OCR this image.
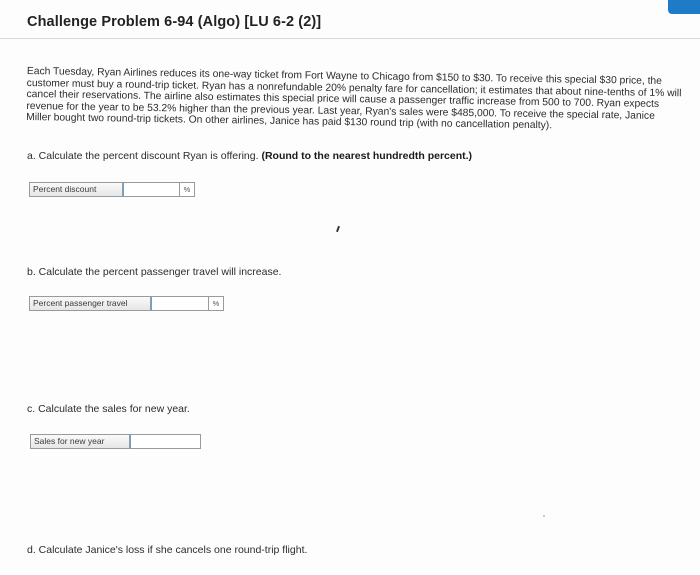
Challenge Problem 6-94 (Algo) [LU 6-2 (2)]
Each Tuesday, Ryan Airlines reduces its one-way ticket from Fort Wayne to Chicago from $150 to $30. To receive this special $30 price, the customer must buy a round-trip ticket. Ryan has a nonrefundable 20% penalty fare for cancellation; it estimates that about nine-tenths of 1% will cancel their reservations. The airline also estimates this special price will cause a passenger traffic increase from 500 to 700. Ryan expects revenue for the year to be 53.2% higher than the previous year. Last year, Ryan's sales were $485,000. To receive the special rate, Janice Miller bought two round-trip tickets. On other airlines, Janice has paid $130 round trip (with no cancellation penalty).
a. Calculate the percent discount Ryan is offering. (Round to the nearest hundredth percent.)
Percent discount	%
b. Calculate the percent passenger travel will increase.
Percent passenger travel	%
c. Calculate the sales for new year.
Sales for new year
d. Calculate Janice's loss if she cancels one round-trip flight.
